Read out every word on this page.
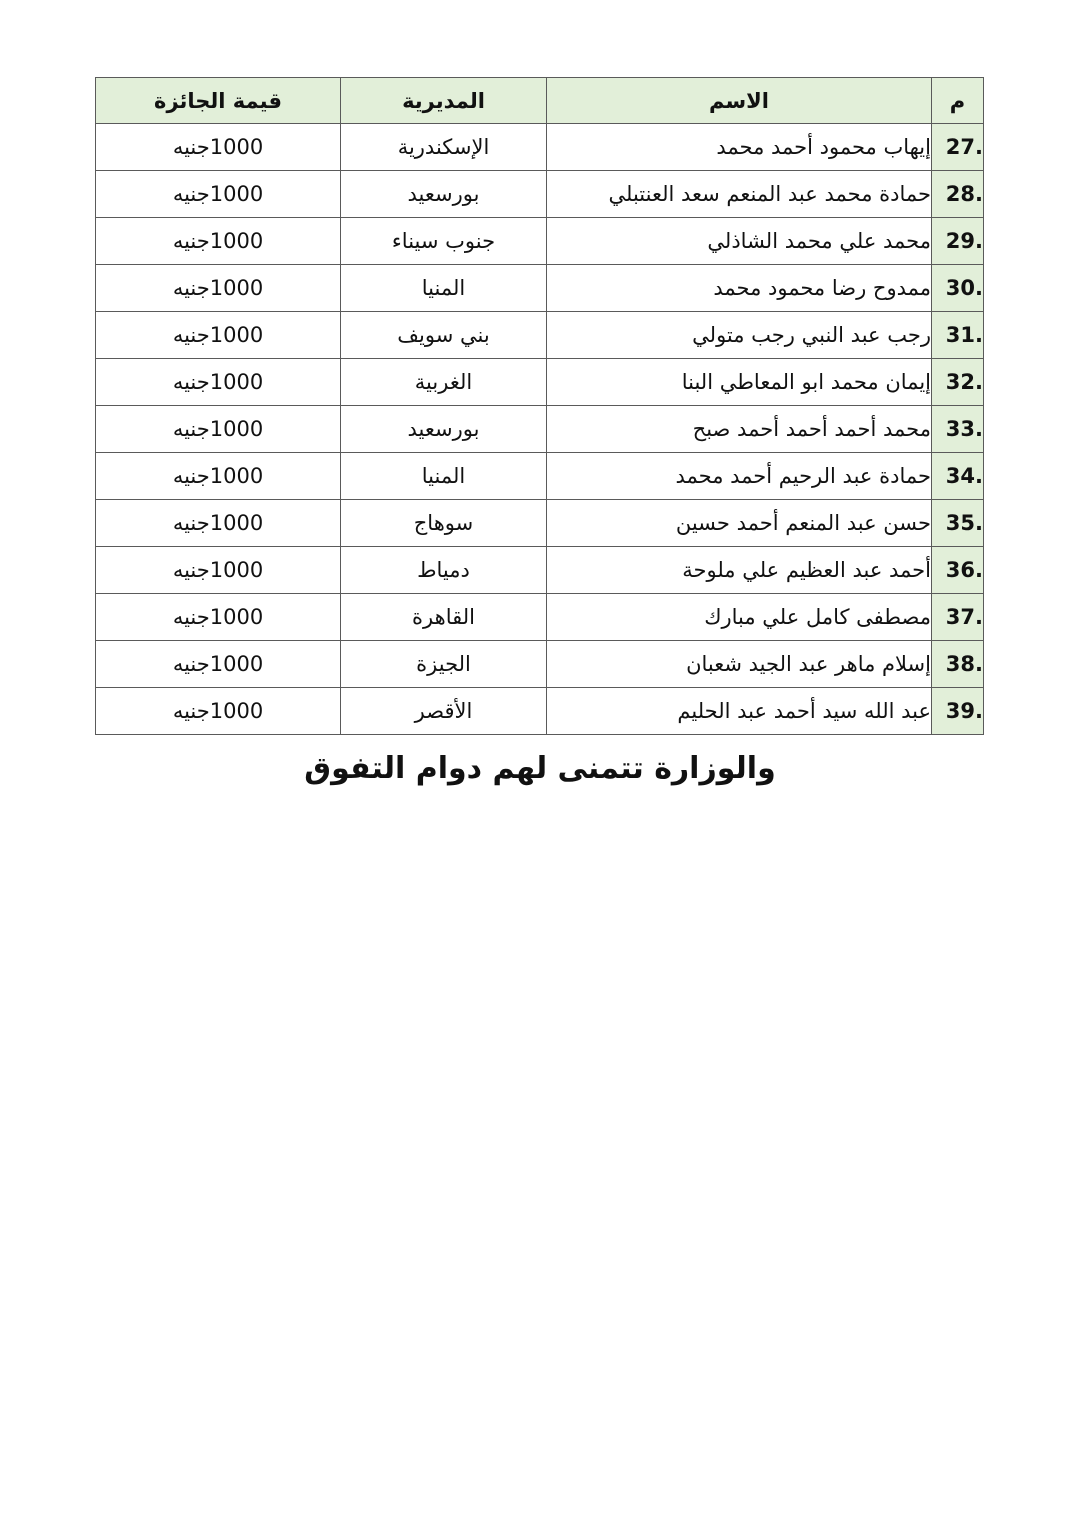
م	الاسم	المديرية	قيمة الجائزة
27.	إيهاب محمود أحمد محمد	الإسكندرية	1000جنيه
28.	حمادة محمد عبد المنعم سعد العنتبلي	بورسعيد	1000جنيه
29.	محمد علي محمد الشاذلي	جنوب سيناء	1000جنيه
30.	ممدوح رضا محمود محمد	المنيا	1000جنيه
31.	رجب عبد النبي رجب متولي	بني سويف	1000جنيه
32.	إيمان محمد ابو المعاطي البنا	الغربية	1000جنيه
33.	محمد أحمد أحمد أحمد صبح	بورسعيد	1000جنيه
34.	حمادة عبد الرحيم أحمد محمد	المنيا	1000جنيه
35.	حسن عبد المنعم أحمد حسين	سوهاج	1000جنيه
36.	أحمد عبد العظيم علي ملوحة	دمياط	1000جنيه
37.	مصطفى كامل علي مبارك	القاهرة	1000جنيه
38.	إسلام ماهر عبد الجيد شعبان	الجيزة	1000جنيه
39.	عبد الله سيد أحمد عبد الحليم	الأقصر	1000جنيه
والوزارة تتمنى لهم دوام التفوق
